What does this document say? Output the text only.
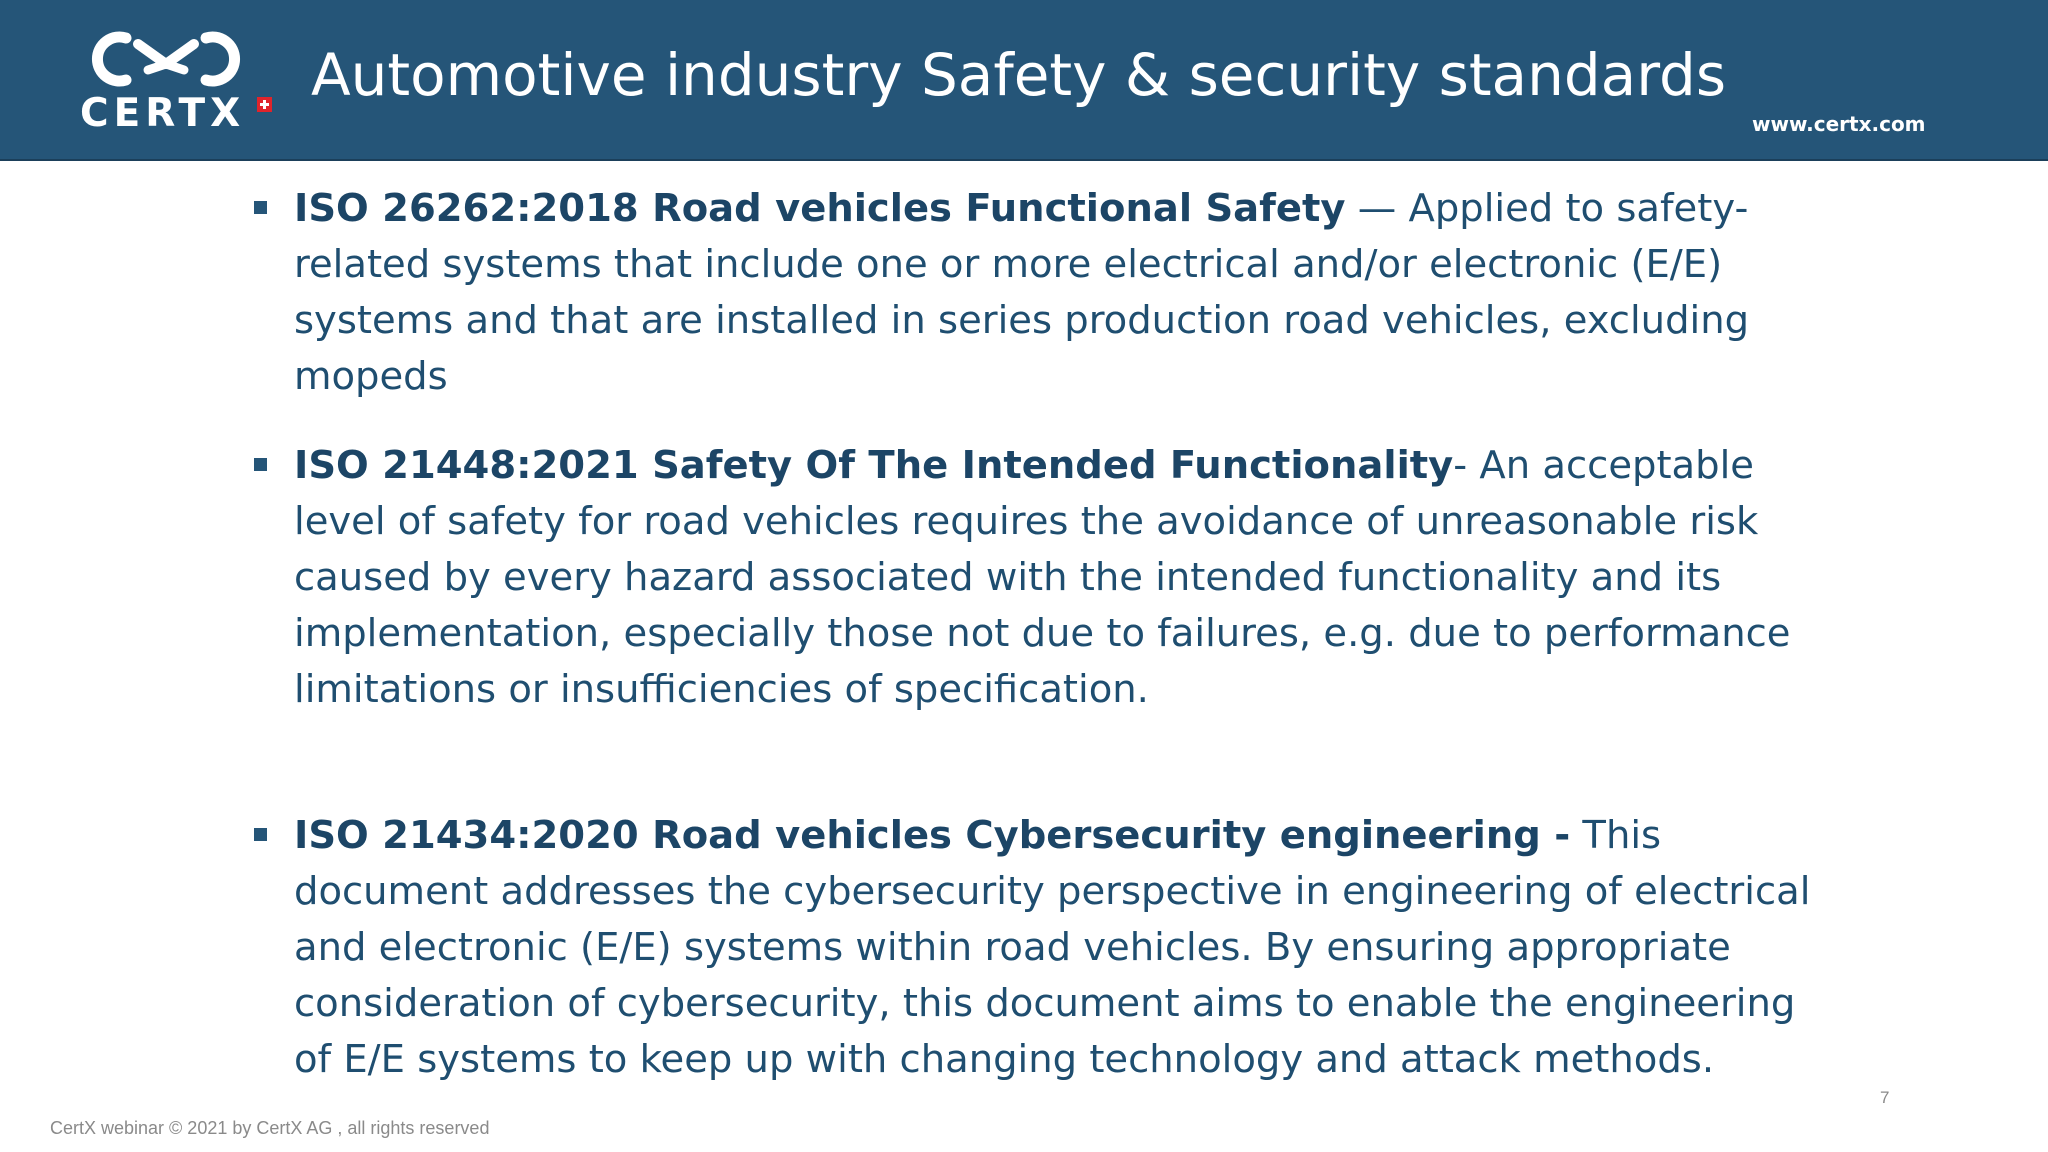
CERTX
Automotive industry Safety & security standards
www.certx.com
ISO 26262:2018 Road vehicles Functional Safety — Applied to safety-related systems that include one or more electrical and/or electronic (E/E) systems and that are installed in series production road vehicles, excluding mopeds
ISO 21448:2021 Safety Of The Intended Functionality- An acceptable level of safety for road vehicles requires the avoidance of unreasonable risk caused by every hazard associated with the intended functionality and its implementation, especially those not due to failures, e.g. due to performance limitations or insufficiencies of specification.
ISO 21434:2020 Road vehicles Cybersecurity engineering - This document addresses the cybersecurity perspective in engineering of electrical and electronic (E/E) systems within road vehicles. By ensuring appropriate consideration of cybersecurity, this document aims to enable the engineering of E/E systems to keep up with changing technology and attack methods.
7
CertX webinar © 2021 by CertX AG , all rights reserved
